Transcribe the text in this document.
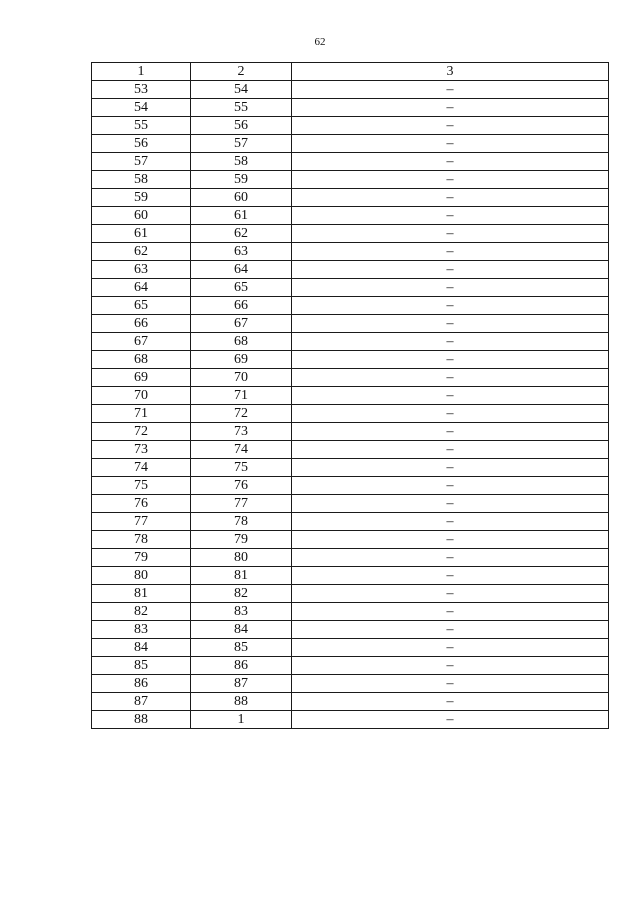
62
1	2	3
53	54	–
54	55	–
55	56	–
56	57	–
57	58	–
58	59	–
59	60	–
60	61	–
61	62	–
62	63	–
63	64	–
64	65	–
65	66	–
66	67	–
67	68	–
68	69	–
69	70	–
70	71	–
71	72	–
72	73	–
73	74	–
74	75	–
75	76	–
76	77	–
77	78	–
78	79	–
79	80	–
80	81	–
81	82	–
82	83	–
83	84	–
84	85	–
85	86	–
86	87	–
87	88	–
88	1	–
